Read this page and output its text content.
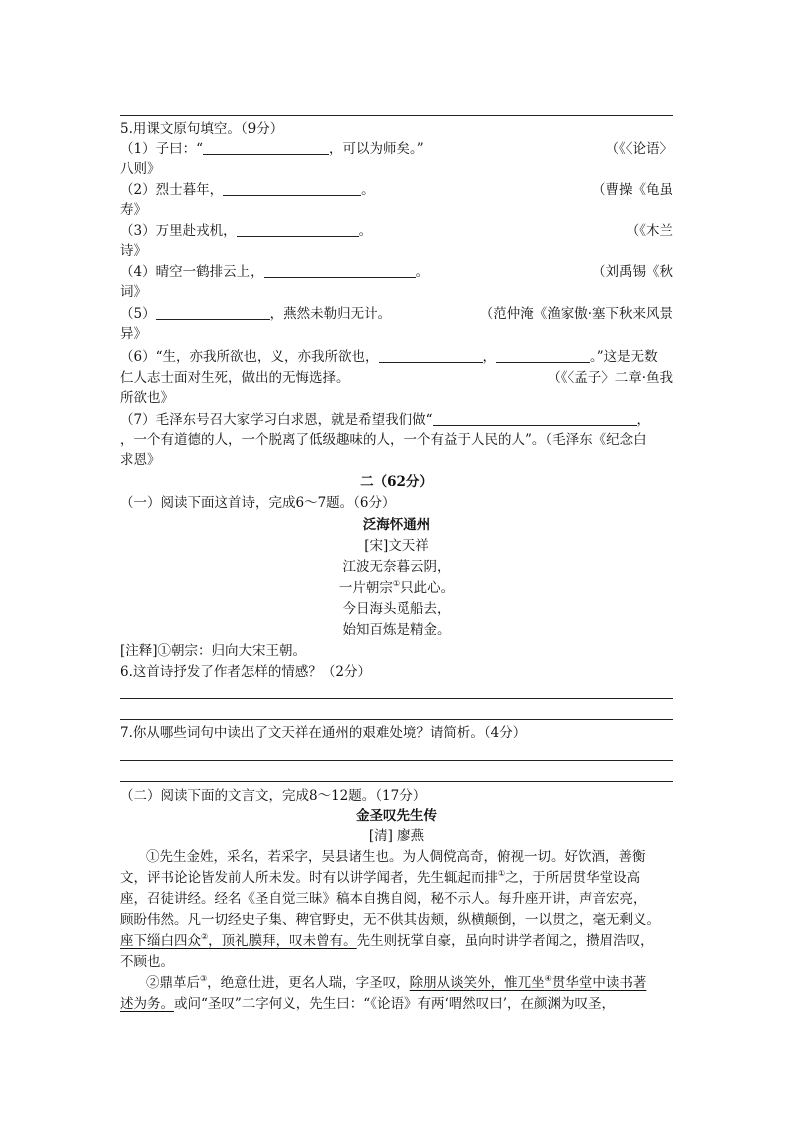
5.用课文原句填空。（9分）
（1）子曰：“	，可以为师矣。”	（《〈论语〉
八则》
（2）烈士暮年，	。	（曹操《龟虽
寿》
（3）万里赴戎机，	。	（《木兰
诗》
（4）晴空一鹤排云上，	。	（刘禹锡《秋
词》
（5）	，燕然未勒归无计。	（范仲淹《渔家傲·塞下秋来风景
异》
（6）“生，亦我所欲也，义，亦我所欲也，	，	。”这是无数
仁人志士面对生死，做出的无悔选择。	（《〈孟子〉二章·鱼我
所欲也》
（7）毛泽东号召大家学习白求恩，就是希望我们做“	，
，一个有道德的人，一个脱离了低级趣味的人，一个有益于人民的人”。（毛泽东《纪念白
求恩》
二（62分）
（一）阅读下面这首诗，完成6～7题。（6分）
泛海怀通州
[宋]文天祥
江波无奈暮云阴，
一片朝宗①只此心。
今日海头觅船去，
始知百炼是精金。
[注释]①朝宗：归向大宋王朝。
6.这首诗抒发了作者怎样的情感？（2分）
7.你从哪些词句中读出了文天祥在通州的艰难处境？请简析。（4分）
（二）阅读下面的文言文，完成8～12题。（17分）
金圣叹先生传
[清] 廖燕
①先生金姓，采名，若采字，吴县诸生也。为人倜傥高奇，俯视一切。好饮酒，善衡
文，评书论论皆发前人所未发。时有以讲学闻者，先生辄起而排①之，于所居贯华堂设高
座，召徒讲经。经名《圣自觉三昧》稿本自携自阅，秘不示人。每升座开讲，声音宏亮，
顾盼伟然。凡一切经史子集、稗官野史，无不供其齿颊，纵横颠倒，一以贯之，毫无剩义。
座下缁白四众②，顶礼膜拜，叹未曾有。先生则抚掌自豪，虽向时讲学者闻之，攒眉浩叹，
不顾也。
②鼎革后③，绝意仕进，更名人瑞，字圣叹，除朋从谈笑外，惟兀坐④贯华堂中读书著
述为务。或问“圣叹”二字何义，先生曰：“《论语》有两‘喟然叹曰’，在颜渊为叹圣，
